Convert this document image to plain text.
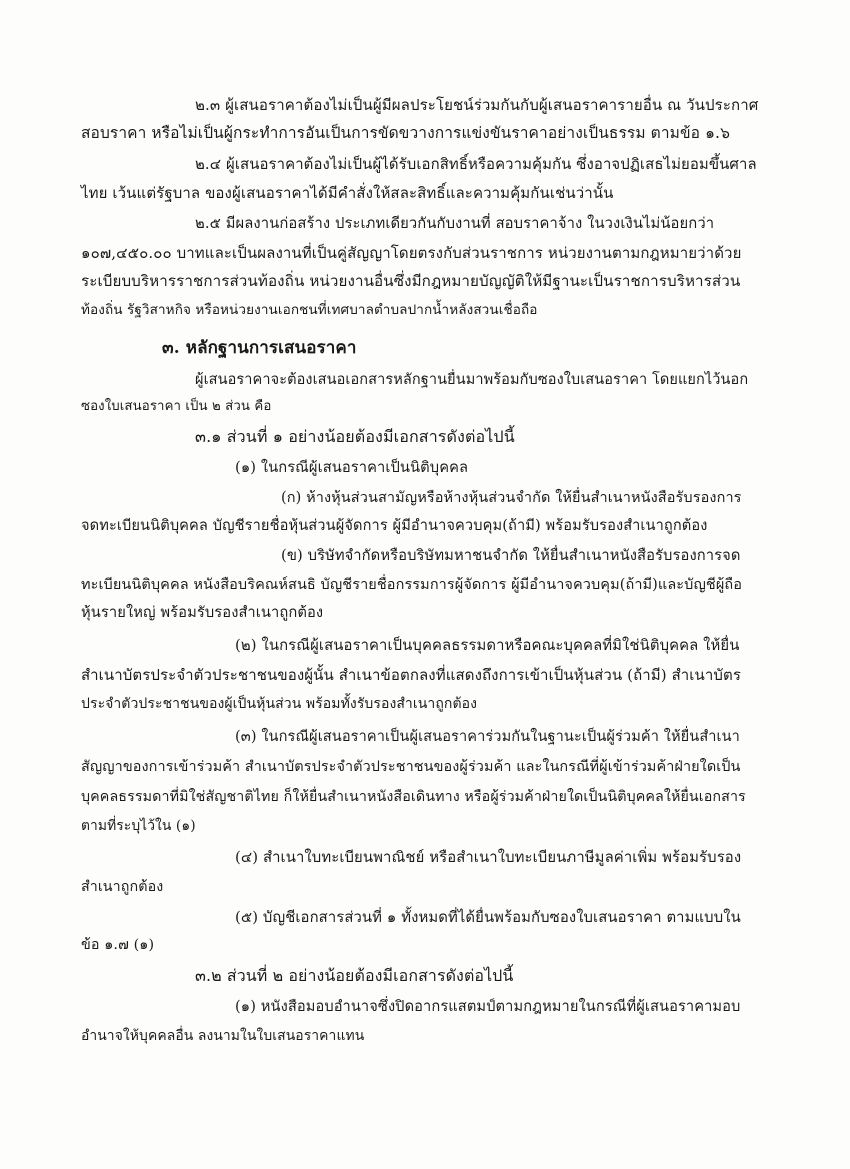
๒.๓ ผู้เสนอราคาต้องไม่เป็นผู้มีผลประโยชน์ร่วมกันกับผู้เสนอราคารายอื่น ณ วันประกาศ
สอบราคา หรือไม่เป็นผู้กระทำการอันเป็นการขัดขวางการแข่งขันราคาอย่างเป็นธรรม ตามข้อ ๑.๖
๒.๔ ผู้เสนอราคาต้องไม่เป็นผู้ได้รับเอกสิทธิ์หรือความคุ้มกัน ซึ่งอาจปฏิเสธไม่ยอมขึ้นศาล
ไทย เว้นแต่รัฐบาล ของผู้เสนอราคาได้มีคำสั่งให้สละสิทธิ์และความคุ้มกันเช่นว่านั้น
๒.๕ มีผลงานก่อสร้าง ประเภทเดียวกันกับงานที่ สอบราคาจ้าง ในวงเงินไม่น้อยกว่า
๑๐๗,๔๕๐.๐๐ บาทและเป็นผลงานที่เป็นคู่สัญญาโดยตรงกับส่วนราชการ หน่วยงานตามกฎหมายว่าด้วย
ระเบียบบริหารราชการส่วนท้องถิ่น หน่วยงานอื่นซึ่งมีกฎหมายบัญญัติให้มีฐานะเป็นราชการบริหารส่วน
ท้องถิ่น รัฐวิสาหกิจ หรือหน่วยงานเอกชนที่เทศบาลตำบลปากน้ำหลังสวนเชื่อถือ
๓. หลักฐานการเสนอราคา
ผู้เสนอราคาจะต้องเสนอเอกสารหลักฐานยื่นมาพร้อมกับซองใบเสนอราคา โดยแยกไว้นอก
ซองใบเสนอราคา เป็น ๒ ส่วน คือ
๓.๑ ส่วนที่ ๑ อย่างน้อยต้องมีเอกสารดังต่อไปนี้
(๑) ในกรณีผู้เสนอราคาเป็นนิติบุคคล
(ก) ห้างหุ้นส่วนสามัญหรือห้างหุ้นส่วนจำกัด ให้ยื่นสำเนาหนังสือรับรองการ
จดทะเบียนนิติบุคคล บัญชีรายชื่อหุ้นส่วนผู้จัดการ ผู้มีอำนาจควบคุม(ถ้ามี) พร้อมรับรองสำเนาถูกต้อง
(ข) บริษัทจำกัดหรือบริษัทมหาชนจำกัด ให้ยื่นสำเนาหนังสือรับรองการจด
ทะเบียนนิติบุคคล หนังสือบริคณห์สนธิ บัญชีรายชื่อกรรมการผู้จัดการ ผู้มีอำนาจควบคุม(ถ้ามี)และบัญชีผู้ถือ
หุ้นรายใหญ่ พร้อมรับรองสำเนาถูกต้อง
(๒) ในกรณีผู้เสนอราคาเป็นบุคคลธรรมดาหรือคณะบุคคลที่มิใช่นิติบุคคล ให้ยื่น
สำเนาบัตรประจำตัวประชาชนของผู้นั้น สำเนาข้อตกลงที่แสดงถึงการเข้าเป็นหุ้นส่วน (ถ้ามี) สำเนาบัตร
ประจำตัวประชาชนของผู้เป็นหุ้นส่วน พร้อมทั้งรับรองสำเนาถูกต้อง
(๓) ในกรณีผู้เสนอราคาเป็นผู้เสนอราคาร่วมกันในฐานะเป็นผู้ร่วมค้า ให้ยื่นสำเนา
สัญญาของการเข้าร่วมค้า สำเนาบัตรประจำตัวประชาชนของผู้ร่วมค้า และในกรณีที่ผู้เข้าร่วมค้าฝ่ายใดเป็น
บุคคลธรรมดาที่มิใช่สัญชาติไทย ก็ให้ยื่นสำเนาหนังสือเดินทาง หรือผู้ร่วมค้าฝ่ายใดเป็นนิติบุคคลให้ยื่นเอกสาร
ตามที่ระบุไว้ใน (๑)
(๔) สำเนาใบทะเบียนพาณิชย์ หรือสำเนาใบทะเบียนภาษีมูลค่าเพิ่ม พร้อมรับรอง
สำเนาถูกต้อง
(๕) บัญชีเอกสารส่วนที่ ๑ ทั้งหมดที่ได้ยื่นพร้อมกับซองใบเสนอราคา ตามแบบใน
ข้อ ๑.๗ (๑)
๓.๒ ส่วนที่ ๒ อย่างน้อยต้องมีเอกสารดังต่อไปนี้
(๑) หนังสือมอบอำนาจซึ่งปิดอากรแสตมป์ตามกฎหมายในกรณีที่ผู้เสนอราคามอบ
อำนาจให้บุคคลอื่น ลงนามในใบเสนอราคาแทน
